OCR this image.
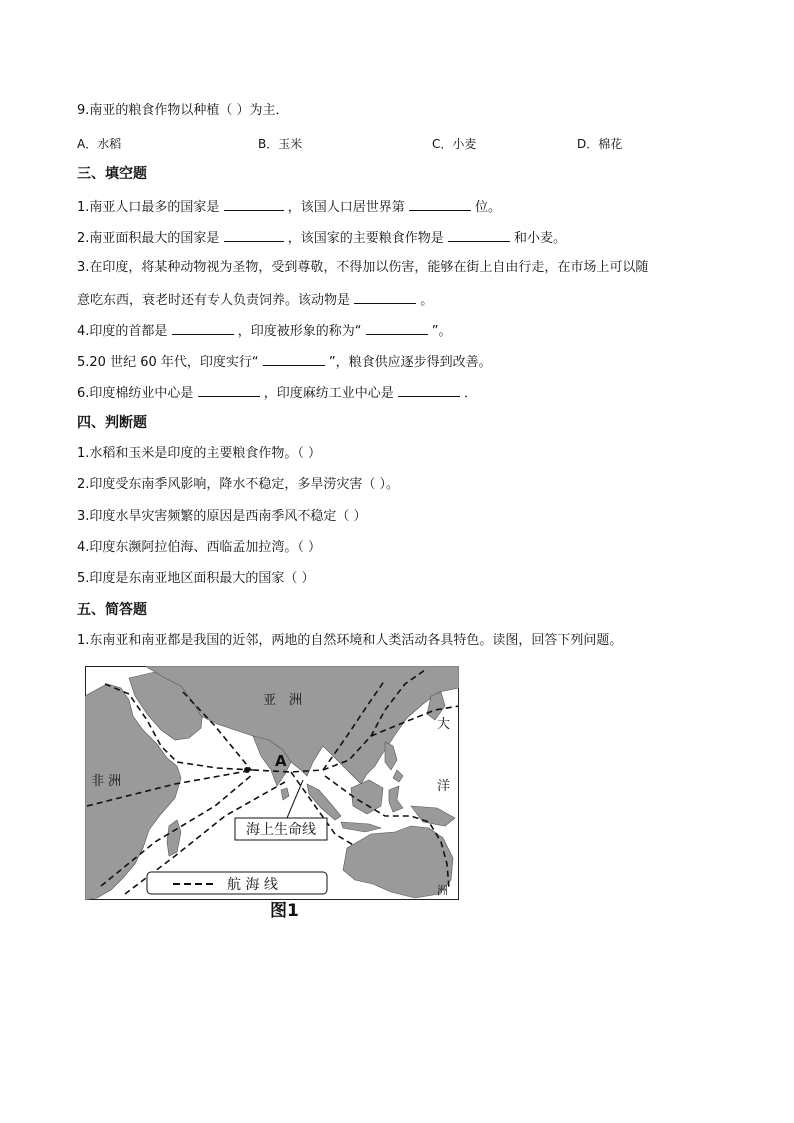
9.南亚的粮食作物以种植（ ）为主．
A．水稻	B．玉米	C．小麦	D．棉花
三、填空题
1.南亚人口最多的国家是	，该国人口居世界第	位。
2.南亚面积最大的国家是	，该国家的主要粮食作物是	和小麦。
3.在印度，将某种动物视为圣物，受到尊敬，不得加以伤害，能够在街上自由行走，在市场上可以随
意吃东西，衰老时还有专人负责饲养。该动物是	。
4.印度的首都是	，印度被形象的称为“	”。
5.20 世纪 60 年代，印度实行“	”，粮食供应逐步得到改善。
6.印度棉纺业中心是	，印度麻纺工业中心是	．
四、判断题
1.水稻和玉米是印度的主要粮食作物。（ ）
2.印度受东南季风影响，降水不稳定，多旱涝灾害（ ）。
3.印度水旱灾害频繁的原因是西南季风不稳定（ ）
4.印度东濒阿拉伯海、西临孟加拉湾。（ ）
5.印度是东南亚地区面积最大的国家（ ）
五、简答题
1.东南亚和南亚都是我国的近邻，两地的自然环境和人类活动各具特色。读图，回答下列问题。
A
海上生命线
亚　洲
非 洲
大
洋
洲
航 海 线
图1
